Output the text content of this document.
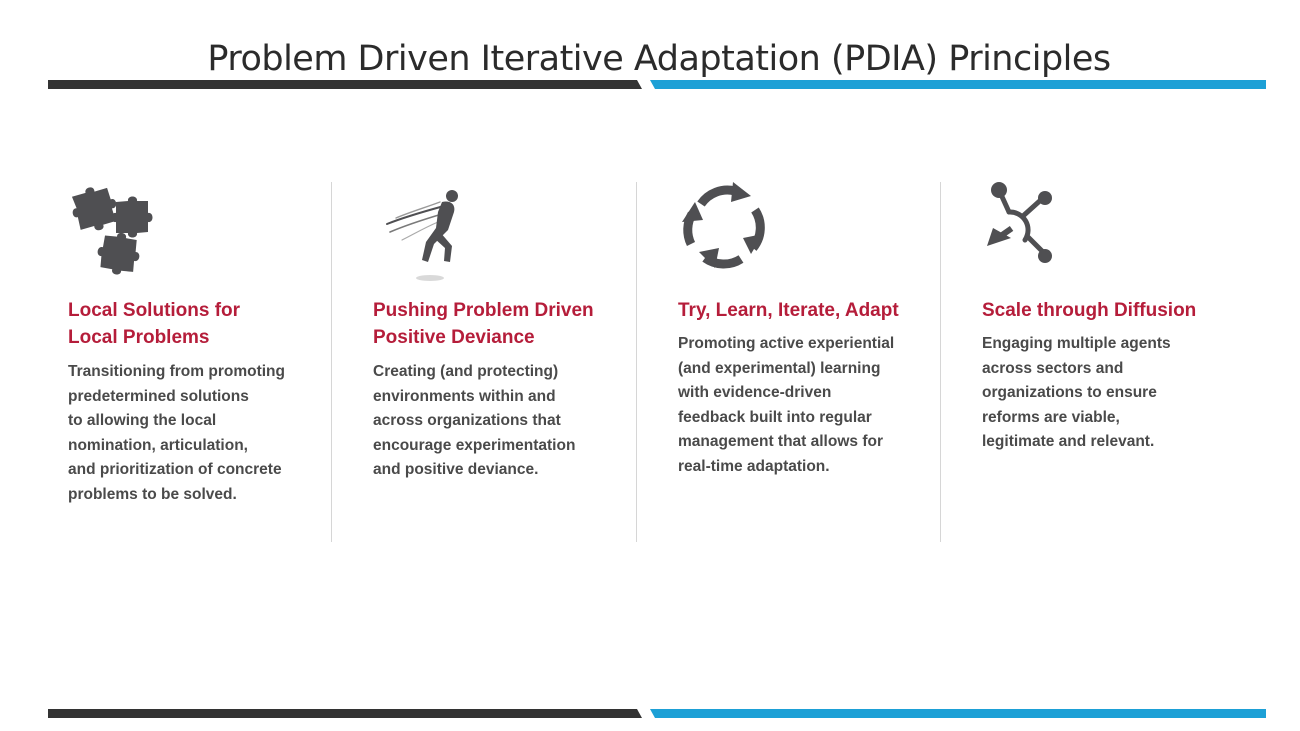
Problem Driven Iterative Adaptation (PDIA) Principles
Local Solutions for
Local Problems
Transitioning from promoting
predetermined solutions
to allowing the local
nomination, articulation,
and prioritization of concrete
problems to be solved.
Pushing Problem Driven
Positive Deviance
Creating (and protecting)
environments within and
across organizations that
encourage experimentation
and positive deviance.
Try, Learn, Iterate, Adapt
Promoting active experiential
(and experimental) learning
with evidence-driven
feedback built into regular
management that allows for
real-time adaptation.
Scale through Diffusion
Engaging multiple agents
across sectors and
organizations to ensure
reforms are viable,
legitimate and relevant.
